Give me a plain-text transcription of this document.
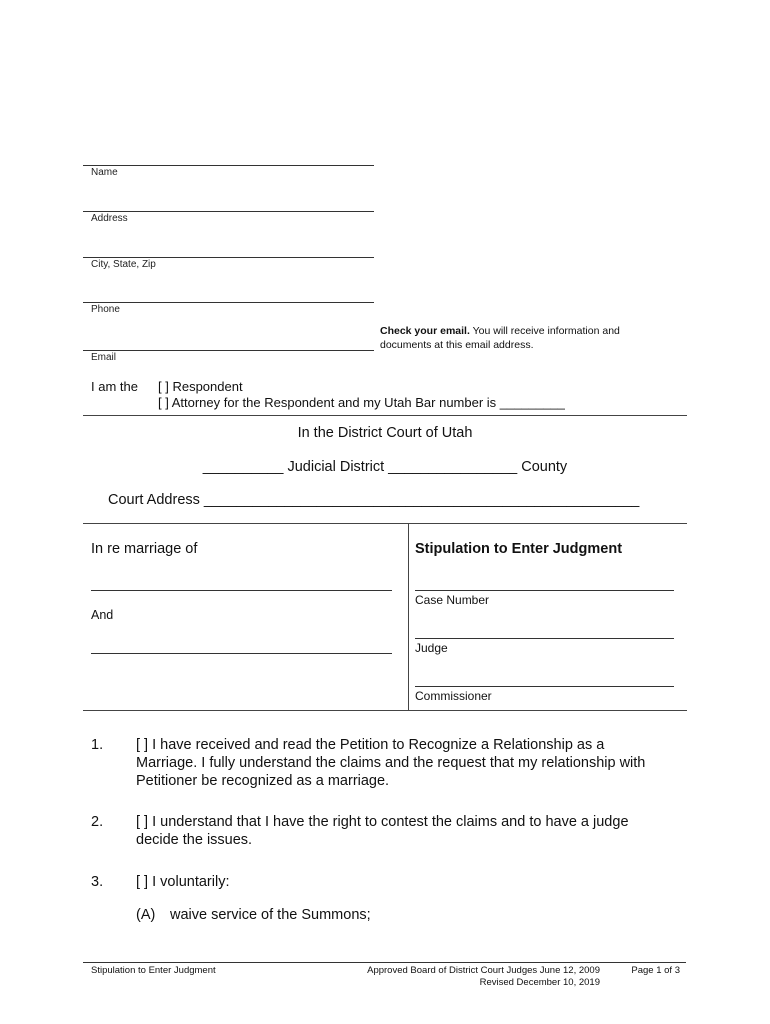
Name
Address
City, State, Zip
Phone
Email
Check your email. You will receive information and
documents at this email address.
I am the [ ] Respondent
[ ] Attorney for the Respondent and my Utah Bar number is _________
In the District Court of Utah
__________ Judicial District ________________ County
Court Address ______________________________________________________
In re marriage of
And
Stipulation to Enter Judgment
Case Number
Judge
Commissioner
1. [ ] I have received and read the Petition to Recognize a Relationship as a
Marriage. I fully understand the claims and the request that my relationship with
Petitioner be recognized as a marriage.
2. [ ] I understand that I have the right to contest the claims and to have a judge
decide the issues.
3. [ ] I voluntarily:
(A) waive service of the Summons;
Stipulation to Enter Judgment	Approved Board of District Court Judges June 12, 2009
Revised December 10, 2019
Page 1 of 3
